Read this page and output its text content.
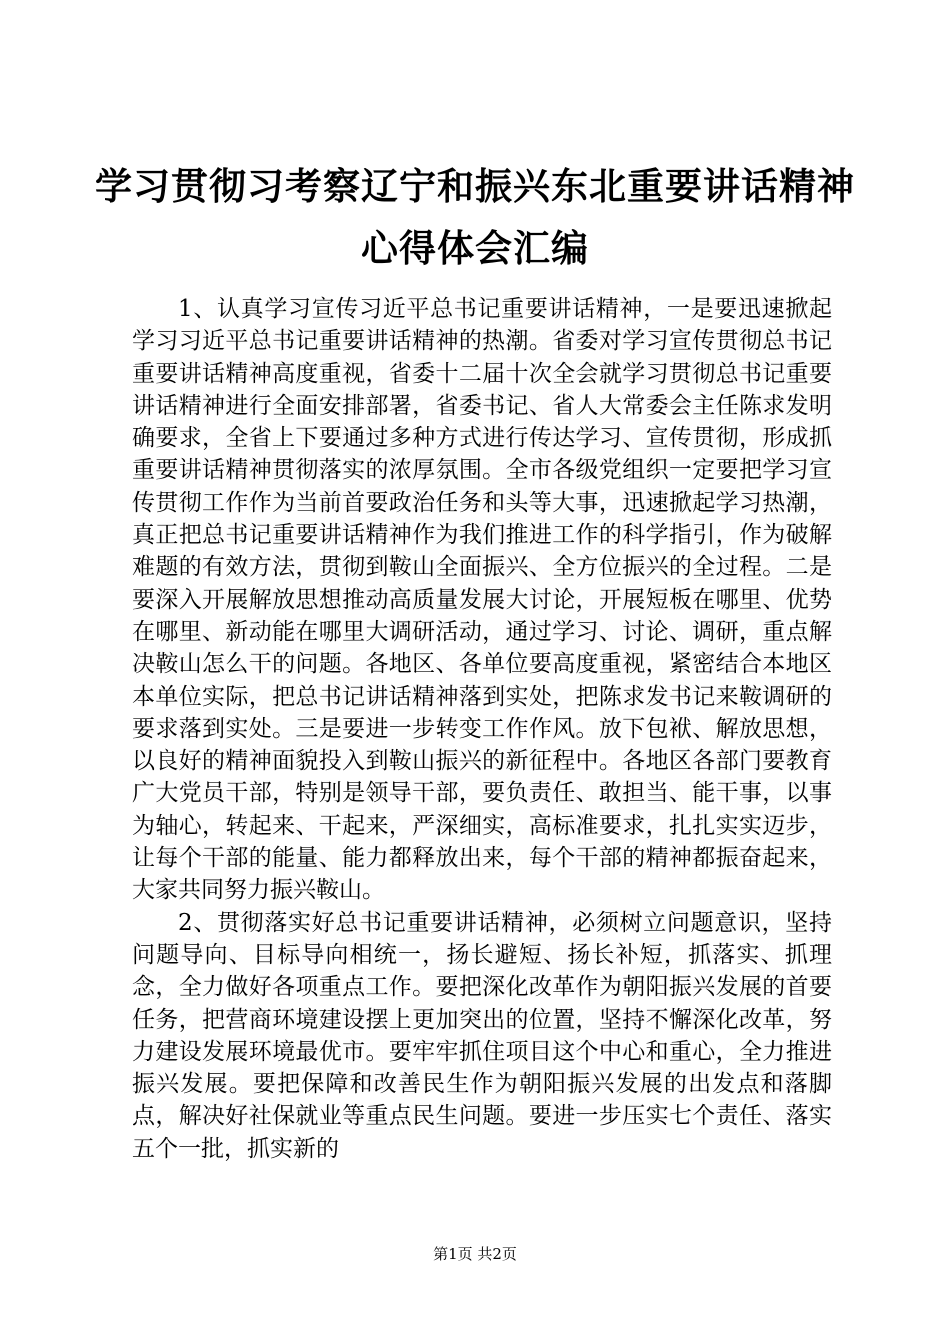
学习贯彻习考察辽宁和振兴东北重要讲话精神
心得体会汇编

1、认真学习宣传习近平总书记重要讲话精神，一是要迅速掀起学习习近平总书记重要讲话精神的热潮。省委对学习宣传贯彻总书记重要讲话精神高度重视，省委十二届十次全会就学习贯彻总书记重要讲话精神进行全面安排部署，省委书记、省人大常委会主任陈求发明确要求，全省上下要通过多种方式进行传达学习、宣传贯彻，形成抓重要讲话精神贯彻落实的浓厚氛围。全市各级党组织一定要把学习宣传贯彻工作作为当前首要政治任务和头等大事，迅速掀起学习热潮，真正把总书记重要讲话精神作为我们推进工作的科学指引，作为破解难题的有效方法，贯彻到鞍山全面振兴、全方位振兴的全过程。二是要深入开展解放思想推动高质量发展大讨论，开展短板在哪里、优势在哪里、新动能在哪里大调研活动，通过学习、讨论、调研，重点解决鞍山怎么干的问题。各地区、各单位要高度重视，紧密结合本地区本单位实际，把总书记讲话精神落到实处，把陈求发书记来鞍调研的要求落到实处。三是要进一步转变工作作风。放下包袱、解放思想，以良好的精神面貌投入到鞍山振兴的新征程中。各地区各部门要教育广大党员干部，特别是领导干部，要负责任、敢担当、能干事，以事为轴心，转起来、干起来，严深细实，高标准要求，扎扎实实迈步，让每个干部的能量、能力都释放出来，每个干部的精神都振奋起来，大家共同努力振兴鞍山。

2、贯彻落实好总书记重要讲话精神，必须树立问题意识，坚持问题导向、目标导向相统一，扬长避短、扬长补短，抓落实、抓理念，全力做好各项重点工作。要把深化改革作为朝阳振兴发展的首要任务，把营商环境建设摆上更加突出的位置，坚持不懈深化改革，努力建设发展环境最优市。要牢牢抓住项目这个中心和重心，全力推进振兴发展。要把保障和改善民生作为朝阳振兴发展的出发点和落脚点，解决好社保就业等重点民生问题。要进一步压实七个责任、落实五个一批，抓实新的

第1页 共2页
